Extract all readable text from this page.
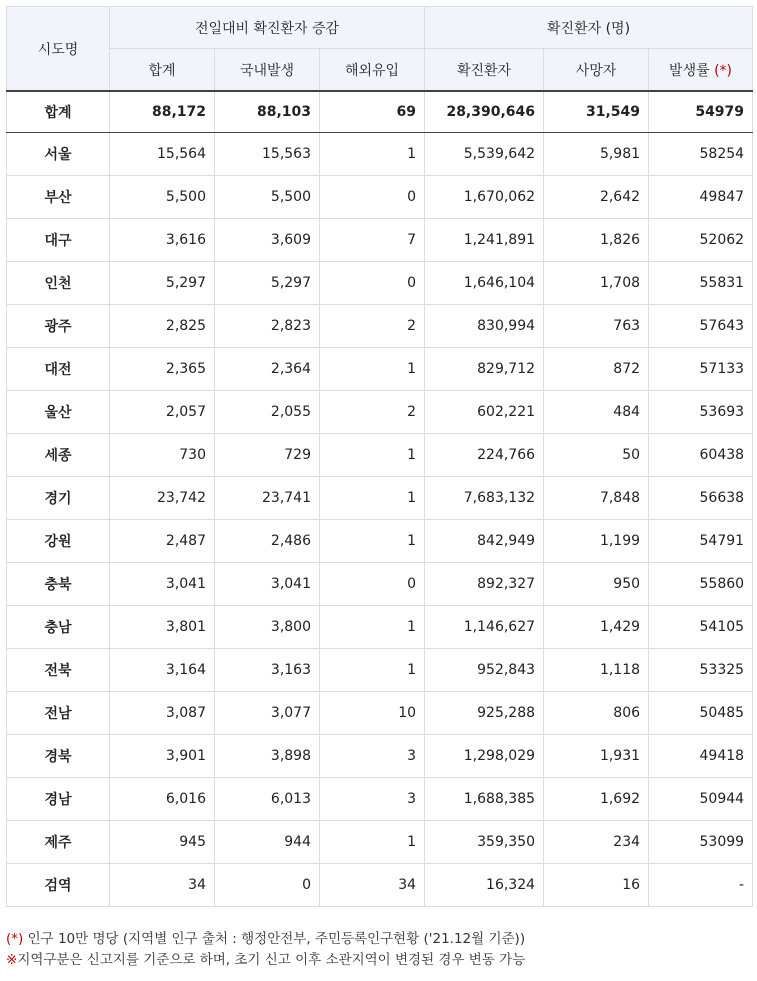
시도명	전일대비 확진환자 증감			확진환자 (명)		
	합계	국내발생	해외유입	확진환자	사망자	발생률 (*)
합계	88,172	88,103	69	28,390,646	31,549	54979
서울	15,564	15,563	1	5,539,642	5,981	58254
부산	5,500	5,500	0	1,670,062	2,642	49847
대구	3,616	3,609	7	1,241,891	1,826	52062
인천	5,297	5,297	0	1,646,104	1,708	55831
광주	2,825	2,823	2	830,994	763	57643
대전	2,365	2,364	1	829,712	872	57133
울산	2,057	2,055	2	602,221	484	53693
세종	730	729	1	224,766	50	60438
경기	23,742	23,741	1	7,683,132	7,848	56638
강원	2,487	2,486	1	842,949	1,199	54791
충북	3,041	3,041	0	892,327	950	55860
충남	3,801	3,800	1	1,146,627	1,429	54105
전북	3,164	3,163	1	952,843	1,118	53325
전남	3,087	3,077	10	925,288	806	50485
경북	3,901	3,898	3	1,298,029	1,931	49418
경남	6,016	6,013	3	1,688,385	1,692	50944
제주	945	944	1	359,350	234	53099
검역	34	0	34	16,324	16	-
(*) 인구 10만 명당 (지역별 인구 출처 : 행정안전부, 주민등록인구현황 ('21.12월 기준))
※지역구분은 신고지를 기준으로 하며, 초기 신고 이후 소관지역이 변경된 경우 변동 가능
